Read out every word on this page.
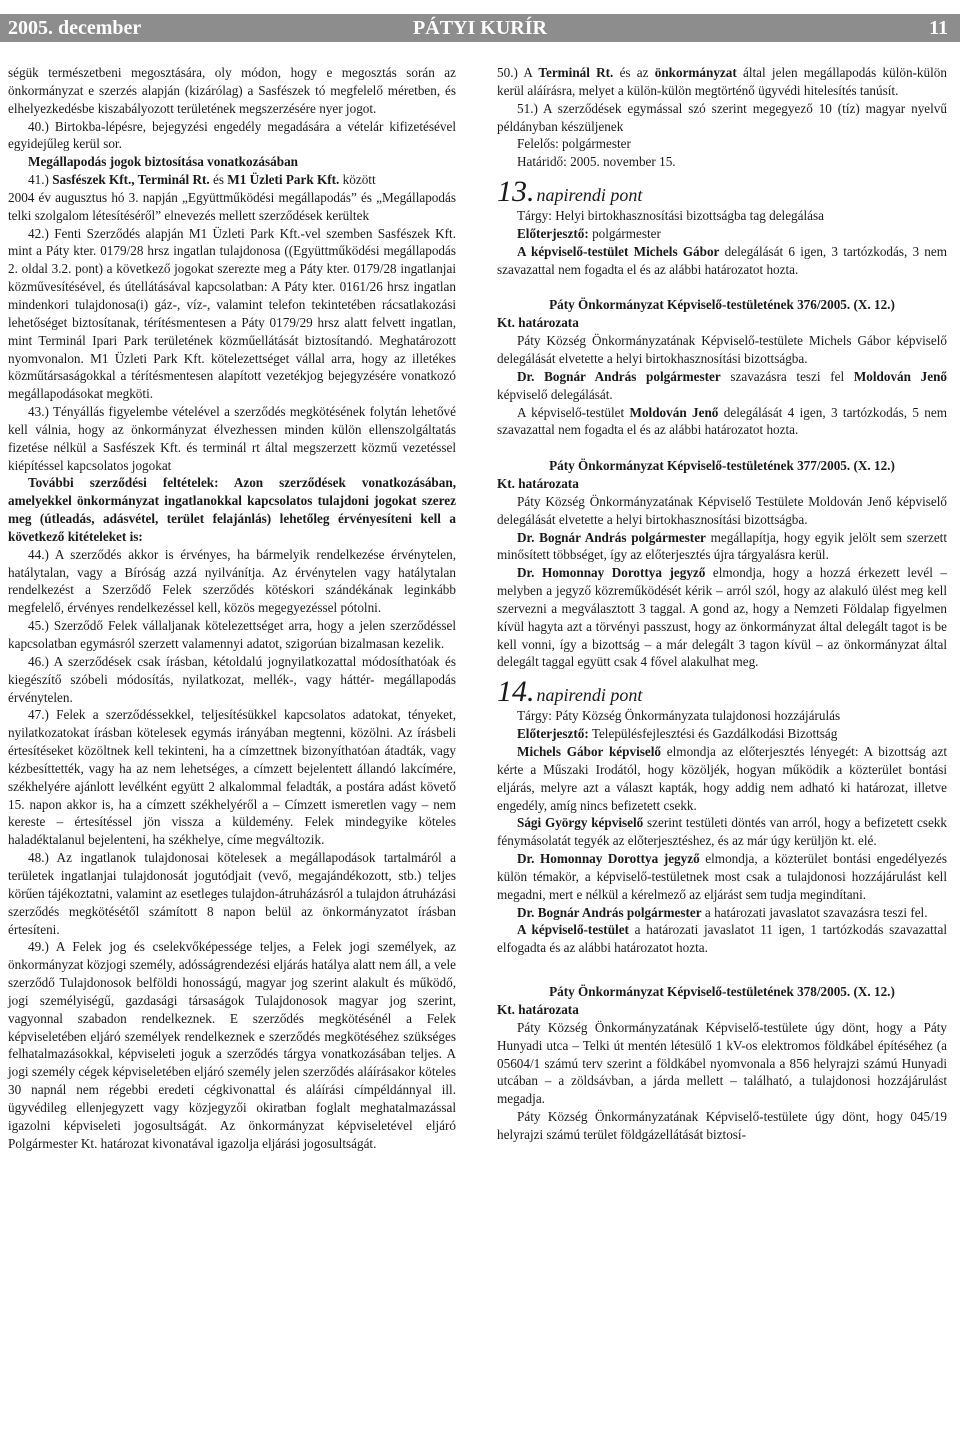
2005. december	PÁTYI KURÍR	11

ségük természetbeni megosztására, oly módon, hogy e megosztás során az önkormányzat e szerzés alapján (kizárólag) a Sasfészek tó megfelelő méretben, és elhelyezkedésbe kiszabályozott területének megszerzésére nyer jogot.

40.) Birtokba-lépésre, bejegyzési engedély megadására a vételár kifizetésével egyidejűleg kerül sor.

Megállapodás jogok biztosítása vonatkozásában

41.) Sasfészek Kft., Terminál Rt. és M1 Üzleti Park Kft. között

2004 év augusztus hó 3. napján „Együttműködési megállapodás” és „Megállapodás telki szolgalom létesítéséről” elnevezés mellett szerződések kerültek

42.) Fenti Szerződés alapján M1 Üzleti Park Kft.-vel szemben Sasfészek Kft. mint a Páty kter. 0179/28 hrsz ingatlan tulajdonosa ((Együttműködési megállapodás 2. oldal 3.2. pont) a következő jogokat szerezte meg a Páty kter. 0179/28 ingatlanjai közművesítésével, és útellátásával kapcsolatban: A Páty kter. 0161/26 hrsz ingatlan mindenkori tulajdonosa(i) gáz-, víz-, valamint telefon tekintetében rácsatlakozási lehetőséget biztosítanak, térítésmentesen a Páty 0179/29 hrsz alatt felvett ingatlan, mint Terminál Ipari Park területének közműellátását biztosítandó. Meghatározott nyomvonalon. M1 Üzleti Park Kft. kötelezettséget vállal arra, hogy az illetékes közműtársaságokkal a térítésmentesen alapított vezetékjog bejegyzésére vonatkozó megállapodásokat megköti.

43.) Tényállás figyelembe vételével a szerződés megkötésének folytán lehetővé kell válnia, hogy az önkormányzat élvezhessen minden külön ellenszolgáltatás fizetése nélkül a Sasfészek Kft. és terminál rt által megszerzett közmű vezetéssel kiépítéssel kapcsolatos jogokat

További szerződési feltételek: Azon szerződések vonatkozásában, amelyekkel önkormányzat ingatlanokkal kapcsolatos tulajdoni jogokat szerez meg (útleadás, adásvétel, terület felajánlás) lehetőleg érvényesíteni kell a következő kitételeket is:

44.) A szerződés akkor is érvényes, ha bármelyik rendelkezése érvénytelen, hatálytalan, vagy a Bíróság azzá nyilvánítja. Az érvénytelen vagy hatálytalan rendelkezést a Szerződő Felek szerződés kötéskori szándékának leginkább megfelelő, érvényes rendelkezéssel kell, közös megegyezéssel pótolni.

45.) Szerződő Felek vállaljanak kötelezettséget arra, hogy a jelen szerződéssel kapcsolatban egymásról szerzett valamennyi adatot, szigorúan bizalmasan kezelik.

46.) A szerződések csak írásban, kétoldalú jognyilatkozattal módosíthatóak és kiegészítő szóbeli módosítás, nyilatkozat, mellék-, vagy háttér- megállapodás érvénytelen.

47.) Felek a szerződéssekkel, teljesítésükkel kapcsolatos adatokat, tényeket, nyilatkozatokat írásban kötelesek egymás irányában megtenni, közölni. Az írásbeli értesítéseket közöltnek kell tekinteni, ha a címzettnek bizonyíthatóan átadták, vagy kézbesíttették, vagy ha az nem lehetséges, a címzett bejelentett állandó lakcímére, székhelyére ajánlott levélként együtt 2 alkalommal feladták, a postára adást követő 15. napon akkor is, ha a címzett székhelyéről a – Címzett ismeretlen vagy – nem kereste – értesítéssel jön vissza a küldemény. Felek mindegyike köteles haladéktalanul bejelenteni, ha székhelye, címe megváltozik.

48.) Az ingatlanok tulajdonosai kötelesek a megállapodások tartalmáról a területek ingatlanjai tulajdonosát jogutódjait (vevő, megajándékozott, stb.) teljes körűen tájékoztatni, valamint az esetleges tulajdon-átruházásról a tulajdon átruházási szerződés megkötésétől számított 8 napon belül az önkormányzatot írásban értesíteni.

49.) A Felek jog és cselekvőképessége teljes, a Felek jogi személyek, az önkormányzat közjogi személy, adósságrendezési eljárás hatálya alatt nem áll, a vele szerződő Tulajdonosok belföldi honosságú, magyar jog szerint alakult és működő, jogi személyiségű, gazdasági társaságok Tulajdonosok magyar jog szerint, vagyonnal szabadon rendelkeznek. E szerződés megkötésénél a Felek képviseletében eljáró személyek rendelkeznek e szerződés megkötéséhez szükséges felhatalmazásokkal, képviseleti joguk a szerződés tárgya vonatkozásában teljes. A jogi személy cégek képviseletében eljáró személy jelen szerződés aláírásakor köteles 30 napnál nem régebbi eredeti cégkivonattal és aláírási címpéldánnyal ill. ügyvédileg ellenjegyzett vagy közjegyzői okiratban foglalt meghatalmazással igazolni képviseleti jogosultságát. Az önkormányzat képviseletével eljáró Polgármester Kt. határozat kivonatával igazolja eljárási jogosultságát.

50.) A Terminál Rt. és az önkormányzat által jelen megállapodás külön-külön kerül aláírásra, melyet a külön-külön megtörténő ügyvédi hitelesítés tanúsít.

51.) A szerződések egymással szó szerint megegyező 10 (tíz) magyar nyelvű példányban készüljenek

Felelős: polgármester

Határidő: 2005. november 15.

13. napirendi pont

Tárgy: Helyi birtokhasznosítási bizottságba tag delegálása

Előterjesztő: polgármester

A képviselő-testület Michels Gábor delegálását 6 igen, 3 tartózkodás, 3 nem szavazattal nem fogadta el és az alábbi határozatot hozta.

Páty Önkormányzat Képviselő-testületének 376/2005. (X. 12.)

Kt. határozata

Páty Község Önkormányzatának Képviselő-testülete Michels Gábor képviselő delegálását elvetette a helyi birtokhasznosítási bizottságba.

Dr. Bognár András polgármester szavazásra teszi fel Moldován Jenő képviselő delegálását.

A képviselő-testület Moldován Jenő delegálását 4 igen, 3 tartózkodás, 5 nem szavazattal nem fogadta el és az alábbi határozatot hozta.

Páty Önkormányzat Képviselő-testületének 377/2005. (X. 12.)

Kt. határozata

Páty Község Önkormányzatának Képviselő Testülete Moldován Jenő képviselő delegálását elvetette a helyi birtokhasznosítási bizottságba.

Dr. Bognár András polgármester megállapítja, hogy egyik jelölt sem szerzett minősített többséget, így az előterjesztés újra tárgyalásra kerül.

Dr. Homonnay Dorottya jegyző elmondja, hogy a hozzá érkezett levél – melyben a jegyző közreműködését kérik – arról szól, hogy az alakuló ülést meg kell szervezni a megválasztott 3 taggal. A gond az, hogy a Nemzeti Földalap figyelmen kívül hagyta azt a törvényi passzust, hogy az önkormányzat által delegált tagot is be kell vonni, így a bizottság – a már delegált 3 tagon kívül – az önkormányzat által delegált taggal együtt csak 4 fővel alakulhat meg.

14. napirendi pont

Tárgy: Páty Község Önkormányzata tulajdonosi hozzájárulás

Előterjesztő: Településfejlesztési és Gazdálkodási Bizottság

Michels Gábor képviselő elmondja az előterjesztés lényegét: A bizottság azt kérte a Műszaki Irodától, hogy közöljék, hogyan működik a közterület bontási eljárás, melyre azt a választ kapták, hogy addig nem adható ki határozat, illetve engedély, amíg nincs befizetett csekk.

Sági György képviselő szerint testületi döntés van arról, hogy a befizetett csekk fénymásolatát tegyék az előterjesztéshez, és az már úgy kerüljön kt. elé.

Dr. Homonnay Dorottya jegyző elmondja, a közterület bontási engedélyezés külön témakör, a képviselő-testületnek most csak a tulajdonosi hozzájárulást kell megadni, mert e nélkül a kérelmező az eljárást sem tudja megindítani.

Dr. Bognár András polgármester a határozati javaslatot szavazásra teszi fel.

A képviselő-testület a határozati javaslatot 11 igen, 1 tartózkodás szavazattal elfogadta és az alábbi határozatot hozta.

Páty Önkormányzat Képviselő-testületének 378/2005. (X. 12.)

Kt. határozata

Páty Község Önkormányzatának Képviselő-testülete úgy dönt, hogy a Páty Hunyadi utca – Telki út mentén létesülő 1 kV-os elektromos földkábel építéséhez (a 05604/1 számú terv szerint a földkábel nyomvonala a 856 helyrajzi számú Hunyadi utcában – a zöldsávban, a járda mellett – található, a tulajdonosi hozzájárulást megadja.

Páty Község Önkormányzatának Képviselő-testülete úgy dönt, hogy 045/19 helyrajzi számú terület földgázellátását biztosí-
